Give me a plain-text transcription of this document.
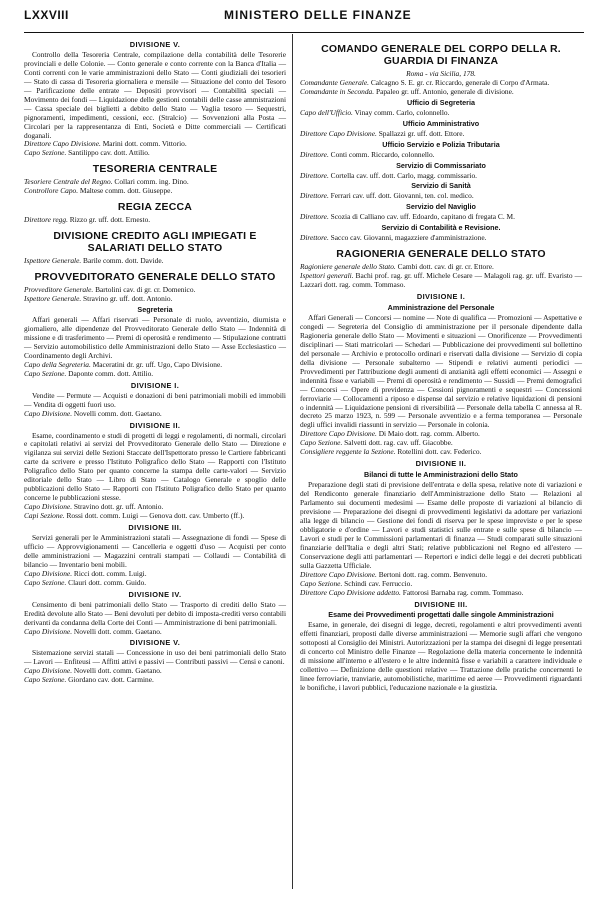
LXXVIII	MINISTERO DELLE FINANZE
DIVISIONE V.
Controllo della Tesoreria Centrale, compilazione della contabilità delle Tesorerie provinciali e delle Colonie. — Conto generale e conto corrente con la Banca d'Italia — Conti correnti con le varie amministrazioni dello Stato — Conti giudiziali dei tesorieri — Stato di cassa di Tesoreria giornaliera e mensile — Situazione del conto del Tesoro — Parificazione delle entrate — Depositi provvisori — Contabilità speciali — Movimento dei fondi — Liquidazione delle gestioni contabili delle casse ammistrazioni — Cassa speciale dei biglietti a debito dello Stato — Vaglia tesoro — Sequestri, pignoramenti, impedimenti, cessioni, ecc. (Stralcio) — Sovvenzioni alla Posta — Circolari per la rappresentanza di Enti, Società e Ditte commerciali — Certificati doganali.
Direttore Capo Divisione. Marini dott. comm. Vittorio.
Capo Sezione. Santilippo cav. dott. Attilio.
TESORERIA CENTRALE
Tesoriere Centrale del Regno. Collari comm. ing. Dino.
Controllore Capo. Maltese comm. dott. Giuseppe.
REGIA ZECCA
Direttore regg. Rizzo gr. uff. dott. Ernesto.
DIVISIONE CREDITO AGLI IMPIEGATI E SALARIATI DELLO STATO
Ispettore Generale. Barile comm. dott. Davide.
PROVVEDITORATO GENERALE DELLO STATO
Provveditore Generale. Bartolini cav. di gr. cr. Domenico.
Ispettore Generale. Stravino gr. uff. dott. Antonio.
Segreteria
Affari generali — Affari riservati — Personale di ruolo, avventizio, diurnista e giornaliero, alle dipendenze del Provveditorato Generale dello Stato — Indennità di missione e di trasferimento — Premi di operosità e rendimento — Stipulazione contratti — Servizio automobilistico delle Amministrazioni dello Stato — Asse Ecclesiastico — Coordinamento degli Archivi.
Capo della Segreteria. Maceratini dr. gr. uff. Ugo, Capo Divisione.
Capo Sezione. Daponte comm. dott. Attilio.
DIVISIONE I.
Vendite — Permute — Acquisti e donazioni di beni patrimoniali mobili ed immobili — Vendita di oggetti fuori uso.
Capo Divisione. Novelli comm. dott. Gaetano.
DIVISIONE II.
Esame, coordinamento e studi di progetti di leggi e regolamenti, di normali, circolari e capitolati relativi ai servizi del Provveditorato Generale dello Stato — Direzione e vigilanza sui servizi delle Sezioni Staccate dell'Ispettorato presso le Cartiere fabbricanti carte da scrivere e presso l'Istituto Poligrafico dello Stato — Rapporti con l'Istituto Poligrafico dello Stato per quanto concerne la stampa delle carte-valori — Servizio editoriale dello Stato — Libro di Stato — Catalogo Generale e spoglio delle pubblicazioni dello Stato — Rapporti con l'Istituto Poligrafico dello Stato per quanto concerne le pubblicazioni stesse.
Capo Divisione. Stravino dott. gr. uff. Antonio.
Capi Sezione. Rossi dott. comm. Luigi — Genova dott. cav. Umberto (ff.).
DIVISIONE III.
Servizi generali per le Amministrazioni statali — Assegnazione di fondi — Spese di ufficio — Approvvigionamenti — Cancelleria e oggetti d'uso — Acquisti per conto delle amministrazioni — Magazzini centrali stampati — Collaudi — Contabilità di bilancio — Inventario beni mobili.
Capo Divisione. Ricci dott. comm. Luigi.
Capo Sezione. Clauri dott. comm. Guido.
DIVISIONE IV.
Censimento di beni patrimoniali dello Stato — Trasporto di crediti dello Stato — Eredità devolute allo Stato — Beni devoluti per debito di imposta-crediti verso contabili derivanti da condanna della Corte dei Conti — Amministrazione di beni patrimoniali.
Capo Divisione. Novelli dott. comm. Gaetano.
DIVISIONE V.
Sistemazione servizi statali — Concessione in uso dei beni patrimoniali dello Stato — Lavori — Enfiteusi — Affitti attivi e passivi — Contributi passivi — Censi e canoni.
Capo Divisione. Novelli dott. comm. Gaetano.
Capo Sezione. Giordano cav. dott. Carmine.
COMANDO GENERALE DEL CORPO DELLA R. GUARDIA DI FINANZA
Roma - via Sicilia, 178.
Comandante Generale. Calcagno S. E. gr. cr. Riccardo, generale di Corpo d'Armata.
Comandante in Seconda. Papaleo gr. uff. Antonio, generale di divisione.
Ufficio di Segreteria
Capo dell'Ufficio. Vinay comm. Carlo, colonnello.
Ufficio Amministrativo
Direttore Capo Divisione. Spallazzi gr. uff. dott. Ettore.
Ufficio Servizio e Polizia Tributaria
Direttore. Conti comm. Riccardo, colonnello.
Servizio di Commissariato
Direttore. Cortella cav. uff. dott. Carlo, magg. commissario.
Servizio di Sanità
Direttore. Ferrari cav. uff. dott. Giovanni, ten. col. medico.
Servizio del Naviglio
Direttore. Scozia di Calliano cav. uff. Edoardo, capitano di fregata C. M.
Servizio di Contabilità e Revisione.
Direttore. Sacco cav. Giovanni, magazziere d'amministrazione.
RAGIONERIA GENERALE DELLO STATO
Ragioniere generale dello Stato. Cambi dott. cav. di gr. cr. Ettore.
Ispettori generali. Bachi prof. rag. gr. uff. Michele Cesare — Malagoli rag. gr. uff. Evaristo — Lazzari dott. rag. comm. Tommaso.
DIVISIONE I.
Amministrazione del Personale
Affari Generali — Concorsi — nomine — Note di qualifica — Promozioni — Aspettative e congedi — Segreteria del Consiglio di amministrazione per il personale dipendente dalla Ragioneria generale dello Stato — Movimenti e situazioni — Onorificenze — Provvedimenti disciplinari — Stati matricolari — Schedari — Pubblicazione dei provvedimenti sul bollettino del personale — Archivio e protocollo ordinari e riservati dalla divisione — Servizio di copia della divisione — Personale subalterno — Stipendi e relativi aumenti periodici — Provvedimenti per l'attribuzione degli aumenti di anzianità agli effetti economici — Assegni e indennità fisse e variabili — Premi di operosità e rendimento — Sussidi — Premi demografici — Concorsi — Opere di previdenza — Cessioni pignoramenti e sequestri — Concessioni ferroviarie — Collocamenti a riposo e dispense dal servizio e relative liquidazioni di pensioni o indennità — Liquidazione pensioni di riversibilità — Personale della tabella C annessa al R. decreto 25 marzo 1923, n. 599 — Personale avventizio e a ferma temporanea — Personale degli uffici invalidi riassunti in servizio — Personale in colonia.
Direttore Capo Divisione. Di Maio dott. rag. comm. Alberto.
Capo Sezione. Salvetti dott. rag. cav. uff. Giacobbe.
Consigliere reggente la Sezione. Rotellini dott. cav. Federico.
DIVISIONE II.
Bilanci di tutte le Amministrazioni dello Stato
Preparazione degli stati di previsione dell'entrata e della spesa, relative note di variazioni e del Rendiconto generale finanziario dell'Amministrazione dello Stato — Relazioni al Parlamento sui documenti medesimi — Esame delle proposte di variazioni al bilancio di previsione — Preparazione dei disegni di provvedimenti legislativi da adottare per variazioni alla legge di bilancio — Gestione dei fondi di riserva per le spese impreviste e per le spese obbligatorie e d'ordine — Lavori e studi statistici sulle entrate e sulle spese di bilancio — Lavori e studi per le Commissioni parlamentari di finanza — Studi comparati sulle situazioni finanziarie dell'Italia e degli altri Stati; relative pubblicazioni nel Regno ed all'estero — Conservazione degli atti parlamentari — Repertori e indici delle leggi e dei decreti pubblicati sulla Gazzetta Ufficiale.
Direttore Capo Divisione. Bertoni dott. rag. comm. Benvenuto.
Capo Sezione. Schindi cav. Ferruccio.
Direttore Capo Divisione addetto. Fattorosi Barnaba rag. comm. Tommaso.
DIVISIONE III.
Esame dei Provvedimenti progettati dalle singole Amministrazioni
Esame, in generale, dei disegni di legge, decreti, regolamenti e altri provvedimenti aventi effetti finanziari, proposti dalle diverse amministrazioni — Memorie sugli affari che vengono sottoposti al Consiglio dei Ministri. Autorizzazioni per la stampa dei disegni di legge presentati di concerto col Ministro delle Finanze — Regolazione della materia concernente le indennità di missione all'interno e all'estero e le altre indennità fisse e variabili a carattere individuale e collettivo — Definizione delle questioni relative — Trattazione delle pratiche concernenti le linee ferroviarie, tranviarie, automobilistiche, marittime ed aeree — Provvedimenti riguardanti le bonifiche, i lavori pubblici, l'educazione nazionale e la giustizia.
